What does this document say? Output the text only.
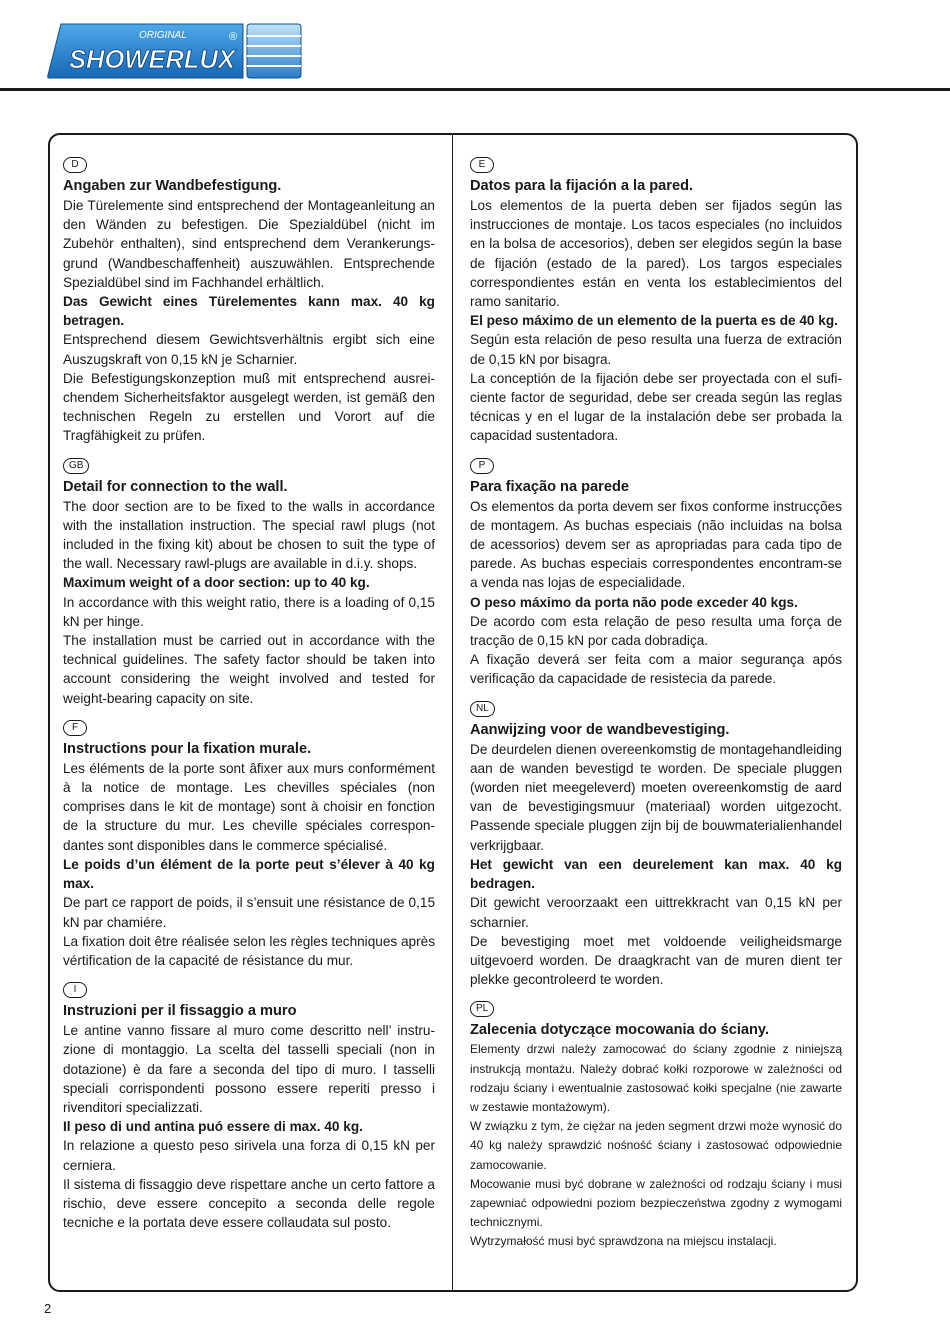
ORIGINAL	®
SHOWERLUX
D
Angaben zur Wandbefestigung.
Die Türelemente sind entsprechend der Montageanleitung an den Wänden zu befestigen. Die Spezialdübel (nicht im Zubehör enthalten), sind entsprechend dem Verankerungsgrund (Wandbeschaffenheit) auszuwählen. Entsprechende Spezialdübel sind im Fachhandel erhältlich.
Das Gewicht eines Türelementes kann max. 40 kg betragen.
Entsprechend diesem Gewichtsverhältnis ergibt sich eine Auszugskraft von 0,15 kN je Scharnier.
Die Befestigungskonzeption muß mit entsprechend ausreichendem Sicherheitsfaktor ausgelegt werden, ist gemäß den technischen Regeln zu erstellen und Vorort auf die Tragfähigkeit zu prüfen.
GB
Detail for connection to the wall.
The door section are to be fixed to the walls in accordance with the installation instruction. The special rawl plugs (not included in the fixing kit) about be chosen to suit the type of the wall. Necessary rawl-plugs are available in d.i.y. shops.
Maximum weight of a door section: up to 40 kg.
In accordance with this weight ratio, there is a loading of 0,15 kN per hinge.
The installation must be carried out in accordance with the technical guidelines. The safety factor should be taken into account considering the weight involved and tested for weight-bearing capacity on site.
F
Instructions pour la fixation murale.
Les éléments de la porte sont âfixer aux murs conformément à la notice de montage. Les chevilles spéciales (non comprises dans le kit de montage) sont à choisir en fonction de la structure du mur. Les cheville spéciales correspondantes sont disponibles dans le commerce spécialisé.
Le poids d’un élément de la porte peut s’élever à 40 kg max.
De part ce rapport de poids, il s’ensuit une résistance de 0,15 kN par chamiére.
La fixation doit être réalisée selon les règles techniques après vértification de la capacité de résistance du mur.
I
Instruzioni per il fissaggio a muro
Le antine vanno fissare al muro come descritto nell’ instruzione di montaggio. La scelta del tasselli speciali (non in dotazione) è da fare a seconda del tipo di muro. I tasselli speciali corrispondenti possono essere reperiti presso i rivenditori specializzati.
Il peso di und antina puó essere di max. 40 kg.
In relazione a questo peso sirivela una forza di 0,15 kN per cerniera.
Il sistema di fissaggio deve rispettare anche un certo fattore a rischio, deve essere concepito a seconda delle regole tecniche e la portata deve essere collaudata sul posto.
E
Datos para la fijación a la pared.
Los elementos de la puerta deben ser fijados según las instrucciones de montaje. Los tacos especiales (no incluidos en la bolsa de accesorios), deben ser elegidos según la base de fijación (estado de la pared). Los targos especiales correspondientes están en venta los establecimientos del ramo sanitario.
El peso máximo de un elemento de la puerta es de 40 kg.
Según esta relación de peso resulta una fuerza de extración de 0,15 kN por bisagra.
La conceptión de la fijación debe ser proyectada con el suficiente factor de seguridad, debe ser creada según las reglas técnicas y en el lugar de la instalación debe ser probada la capacidad sustentadora.
P
Para fixação na parede
Os elementos da porta devem ser fixos conforme instrucções de montagem. As buchas especiais (não incluidas na bolsa de acessorios) devem ser as apropriadas para cada tipo de parede. As buchas especiais correspondentes encontram-se a venda nas lojas de especialidade.
O peso máximo da porta não pode exceder 40 kgs.
De acordo com esta relação de peso resulta uma força de tracção de 0,15 kN por cada dobradiça.
A fixação deverá ser feita com a maior segurança após verificação da capacidade de resistecia da parede.
NL
Aanwijzing voor de wandbevestiging.
De deurdelen dienen overeenkomstig de montagehandleiding aan de wanden bevestigd te worden. De speciale pluggen (worden niet meegeleverd) moeten overeenkomstig de aard van de bevestigingsmuur (materiaal) worden uitgezocht. Passende speciale pluggen zijn bij de bouwmaterialienhandel verkrijgbaar.
Het gewicht van een deurelement kan max. 40 kg bedragen.
Dit gewicht veroorzaakt een uittrekkracht van 0,15 kN per scharnier.
De bevestiging moet met voldoende veiligheidsmarge uitgevoerd worden. De draagkracht van de muren dient ter plekke gecontroleerd te worden.
PL
Zalecenia dotyczące mocowania do ściany.
Elementy drzwi należy zamocować do ściany zgodnie z niniejszą instrukcją montażu. Należy dobrać kołki rozporowe w zależności od rodzaju ściany i ewentualnie zastosować kołki specjalne (nie zawarte w zestawie montażowym).
W związku z tym, że ciężar na jeden segment drzwi może wynosić do 40 kg należy sprawdzić nośność ściany i zastosować odpowiednie zamocowanie.
Mocowanie musi być dobrane w zależności od rodzaju ściany i musi zapewniać odpowiedni poziom bezpieczeństwa zgodny z wymogami technicznymi.
Wytrzymałość musi być sprawdzona na miejscu instalacji.
2
